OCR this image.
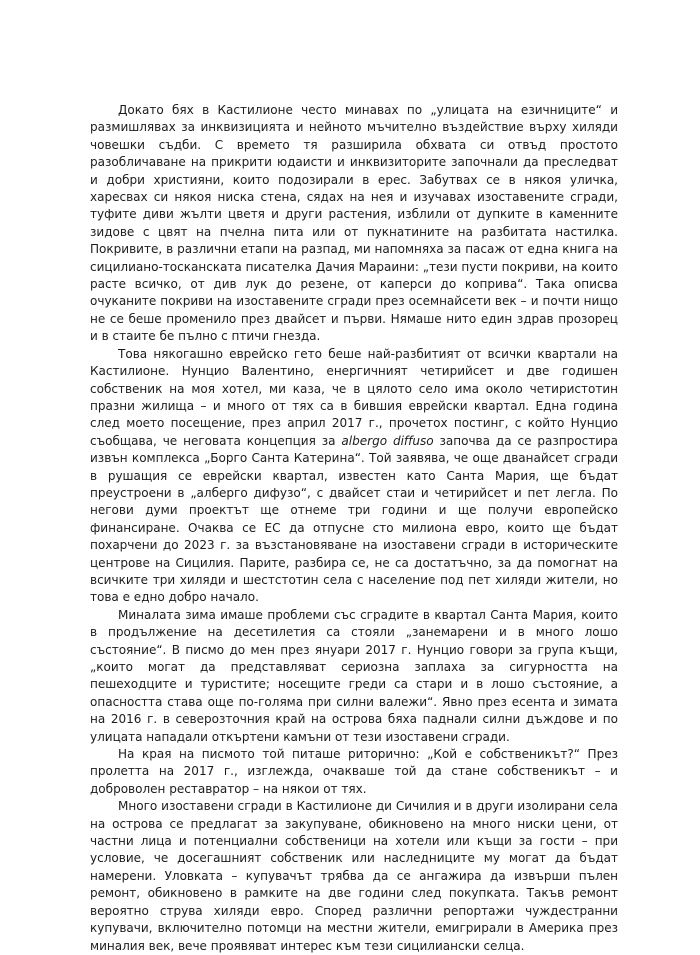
Докато бях в Кастилионе често минавах по „улицата на езичниците“ и размишлявах за инквизицията и нейното мъчително въздействие върху хиляди човешки съдби. С времето тя разширила обхвата си отвъд простото разобличаване на прикрити юдаисти и инквизиторите започнали да преследват и добри християни, които подозирали в ерес. Забутвах се в някоя уличка, харесвах си някоя ниска стена, сядах на нея и изучавах изоставените сгради, туфите диви жълти цветя и други растения, изблили от дупките в каменните зидове с цвят на пчелна пита или от пукнатините на разбитата настилка. Покривите, в различни етапи на разпад, ми напомняха за пасаж от една книга на сицилиано-тосканската писателка Дачия Мараини: „тези пусти покриви, на които расте всичко, от див лук до резене, от каперси до коприва“. Така описва очуканите покриви на изоставените сгради през осемнайсети век – и почти нищо не се беше променило през двайсет и първи. Нямаше нито един здрав прозорец и в стаите бе пълно с птичи гнезда.

Това някогашно еврейско гето беше най-разбитият от всички квартали на Кастилионе. Нунцио Валентино, енергичният четирийсет и две годишен собственик на моя хотел, ми каза, че в цялото село има около четиристотин празни жилища – и много от тях са в бившия еврейски квартал. Една година след моето посещение, през април 2017 г., прочетох постинг, с който Нунцио съобщава, че неговата концепция за albergo diffuso започва да се разпростира извън комплекса „Борго Санта Катерина“. Той заявява, че още дванайсет сгради в рушащия се еврейски квартал, известен като Санта Мария, ще бъдат преустроени в „алберго дифузо“, с двайсет стаи и четирийсет и пет легла. По негови думи проектът ще отнеме три години и ще получи европейско финансиране. Очаква се ЕС да отпусне сто милиона евро, които ще бъдат похарчени до 2023 г. за възстановяване на изоставени сгради в историческите центрове на Сицилия. Парите, разбира се, не са достатъчно, за да помогнат на всичките три хиляди и шестстотин села с население под пет хиляди жители, но това е едно добро начало.

Миналата зима имаше проблеми със сградите в квартал Санта Мария, които в продължение на десетилетия са стояли „занемарени и в много лошо състояние“. В писмо до мен през януари 2017 г. Нунцио говори за група къщи, „които могат да представляват сериозна заплаха за сигурността на пешеходците и туристите; носещите греди са стари и в лошо състояние, а опасността става още по-голяма при силни валежи“. Явно през есента и зимата на 2016 г. в северозточния край на острова бяха паднали силни дъждове и по улицата нападали откъртени камъни от тези изоставени сгради.

На края на писмото той питаше риторично: „Кой е собственикът?“ През пролетта на 2017 г., изглежда, очакваше той да стане собственикът – и доброволен реставратор – на някои от тях.

Много изоставени сгради в Кастилионе ди Сичилия и в други изолирани села на острова се предлагат за закупуване, обикновено на много ниски цени, от частни лица и потенциални собственици на хотели или къщи за гости – при условие, че досегашният собственик или наследниците му могат да бъдат намерени. Уловката – купувачът трябва да се ангажира да извърши пълен ремонт, обикновено в рамките на две години след покупката. Такъв ремонт вероятно струва хиляди евро. Според различни репортажи чуждестранни купувачи, включително потомци на местни жители, емигрирали в Америка през миналия век, вече проявяват интерес към тези сицилиански селца.
